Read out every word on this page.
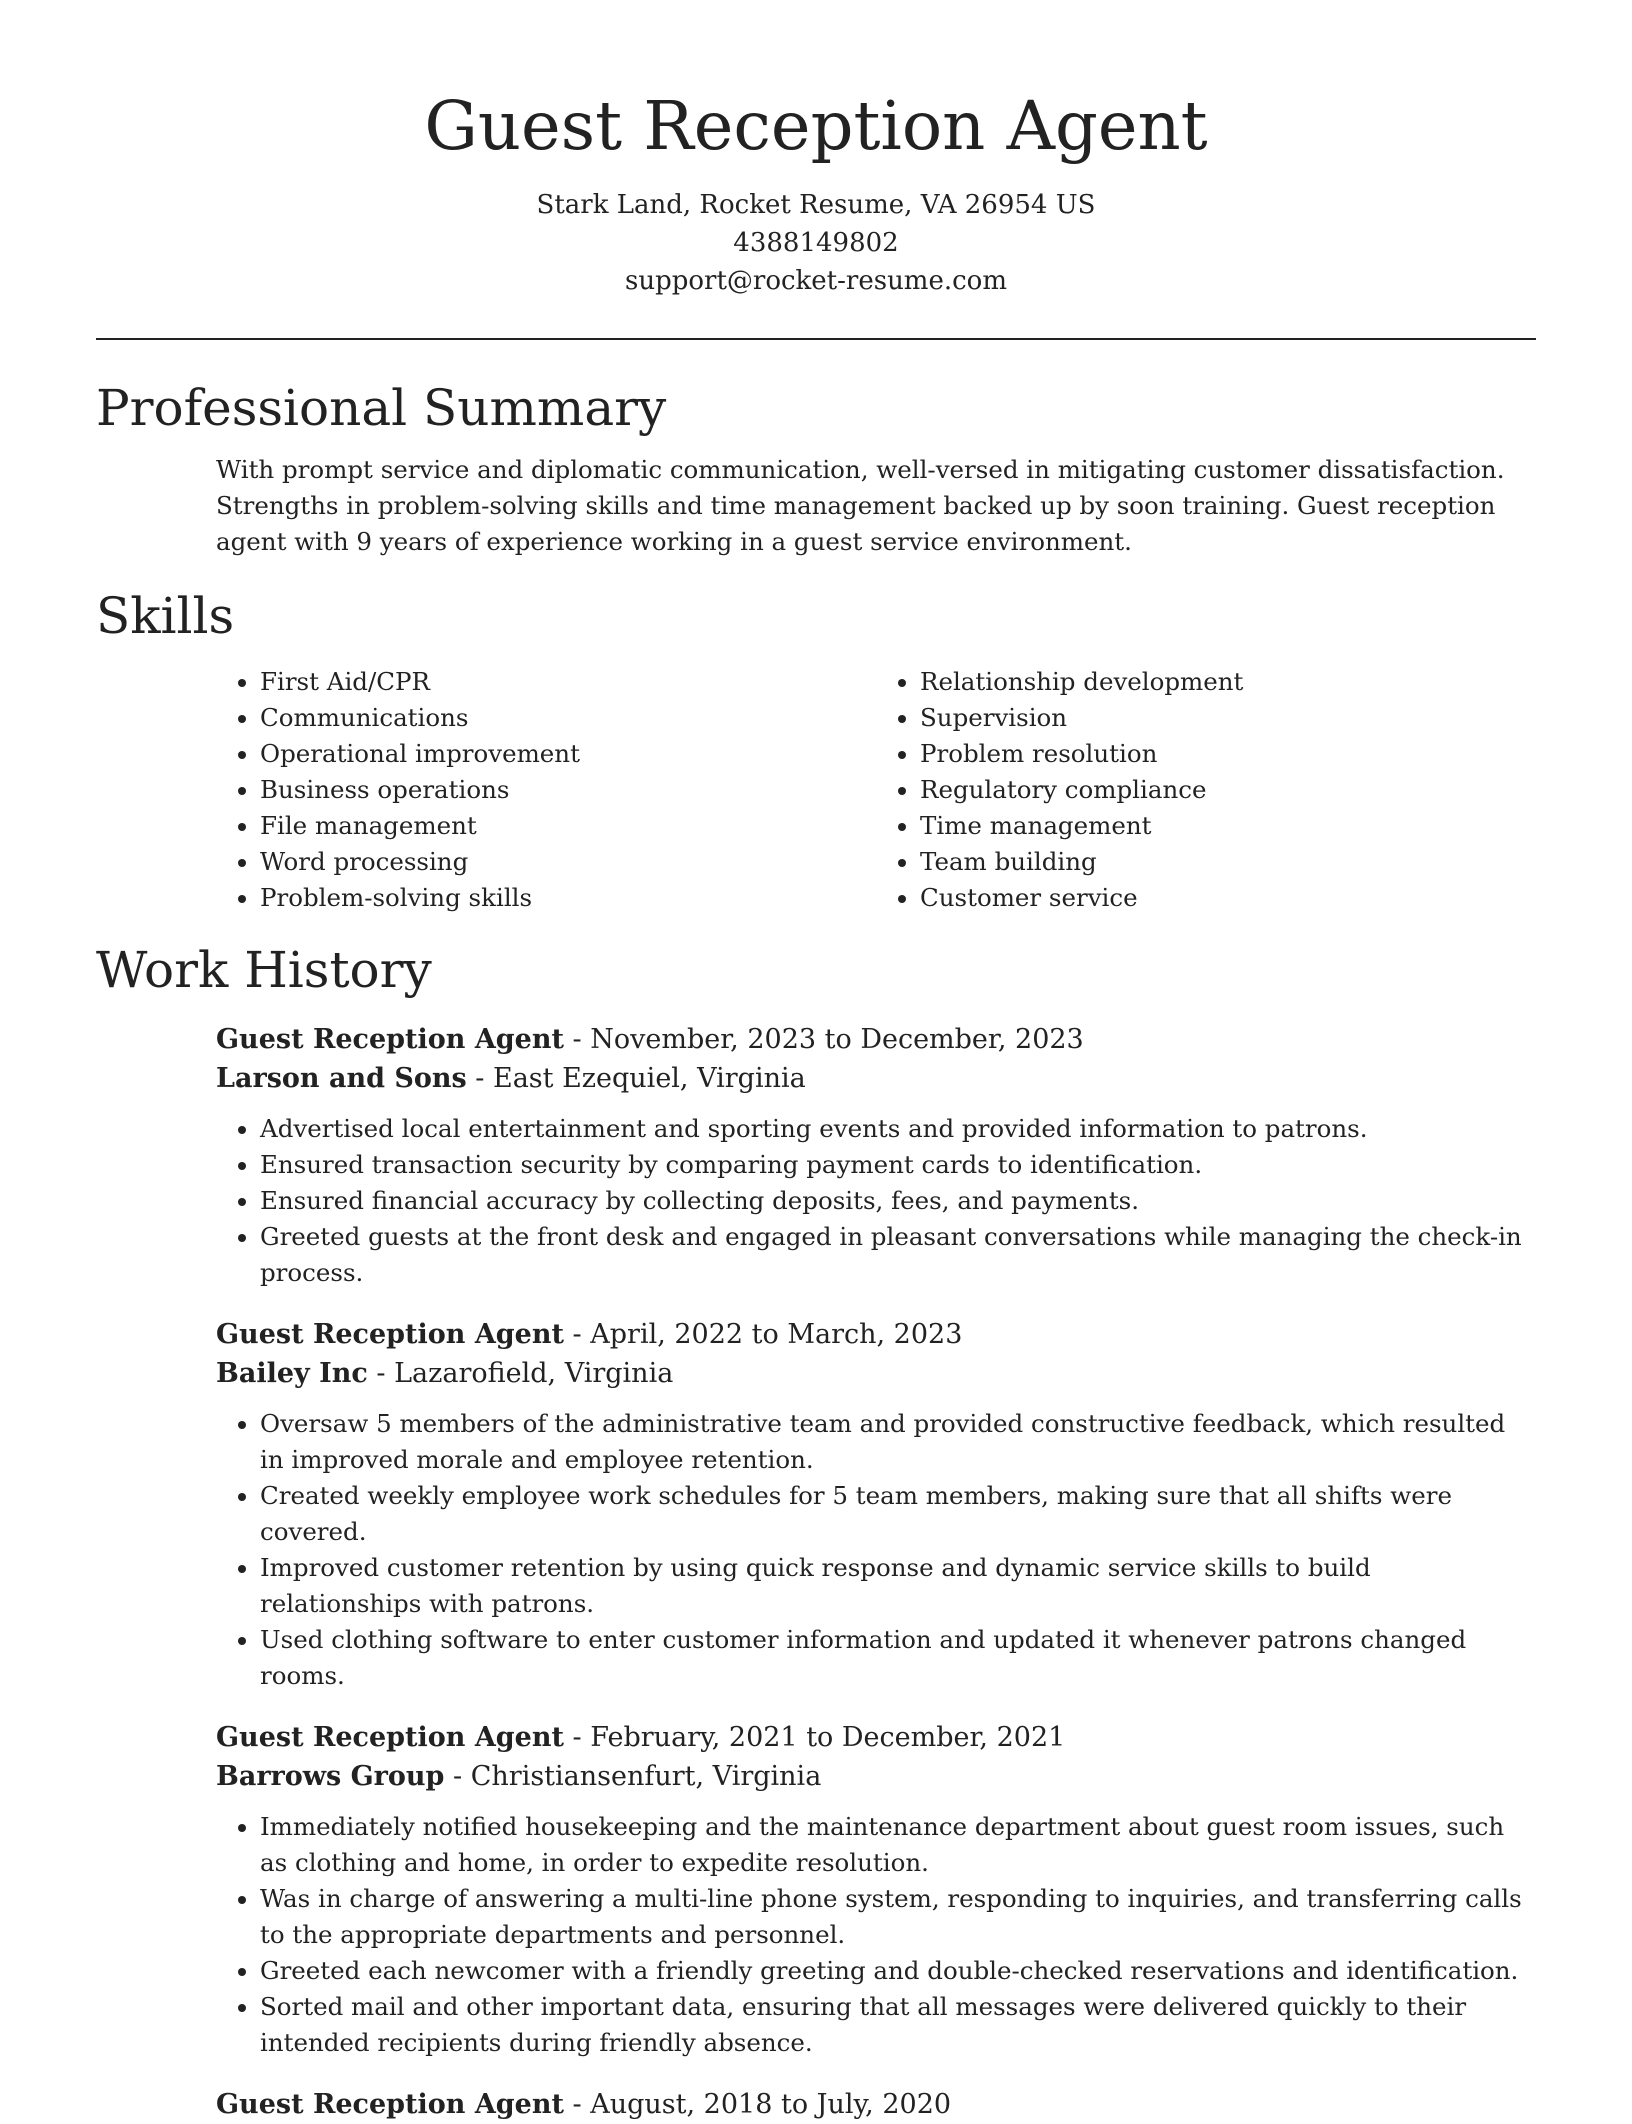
Guest Reception Agent
Stark Land, Rocket Resume, VA 26954 US
4388149802
support@rocket-resume.com
Professional Summary

With prompt service and diplomatic communication, well-versed in mitigating customer dissatisfaction. Strengths in problem-solving skills and time management backed up by soon training. Guest reception agent with 9 years of experience working in a guest service environment.

Skills
• First Aid/CPR
• Communications
• Operational improvement
• Business operations
• File management
• Word processing
• Problem-solving skills
• Relationship development
• Supervision
• Problem resolution
• Regulatory compliance
• Time management
• Team building
• Customer service
Work History
Guest Reception Agent - November, 2023 to December, 2023
Larson and Sons - East Ezequiel, Virginia
• Advertised local entertainment and sporting events and provided information to patrons.
• Ensured transaction security by comparing payment cards to identification.
• Ensured financial accuracy by collecting deposits, fees, and payments.
• Greeted guests at the front desk and engaged in pleasant conversations while managing the check-in process.
Guest Reception Agent - April, 2022 to March, 2023
Bailey Inc - Lazarofield, Virginia
• Oversaw 5 members of the administrative team and provided constructive feedback, which resulted in improved morale and employee retention.
• Created weekly employee work schedules for 5 team members, making sure that all shifts were covered.
• Improved customer retention by using quick response and dynamic service skills to build relationships with patrons.
• Used clothing software to enter customer information and updated it whenever patrons changed rooms.
Guest Reception Agent - February, 2021 to December, 2021
Barrows Group - Christiansenfurt, Virginia
• Immediately notified housekeeping and the maintenance department about guest room issues, such as clothing and home, in order to expedite resolution.
• Was in charge of answering a multi-line phone system, responding to inquiries, and transferring calls to the appropriate departments and personnel.
• Greeted each newcomer with a friendly greeting and double-checked reservations and identification.
• Sorted mail and other important data, ensuring that all messages were delivered quickly to their intended recipients during friendly absence.
Guest Reception Agent - August, 2018 to July, 2020
